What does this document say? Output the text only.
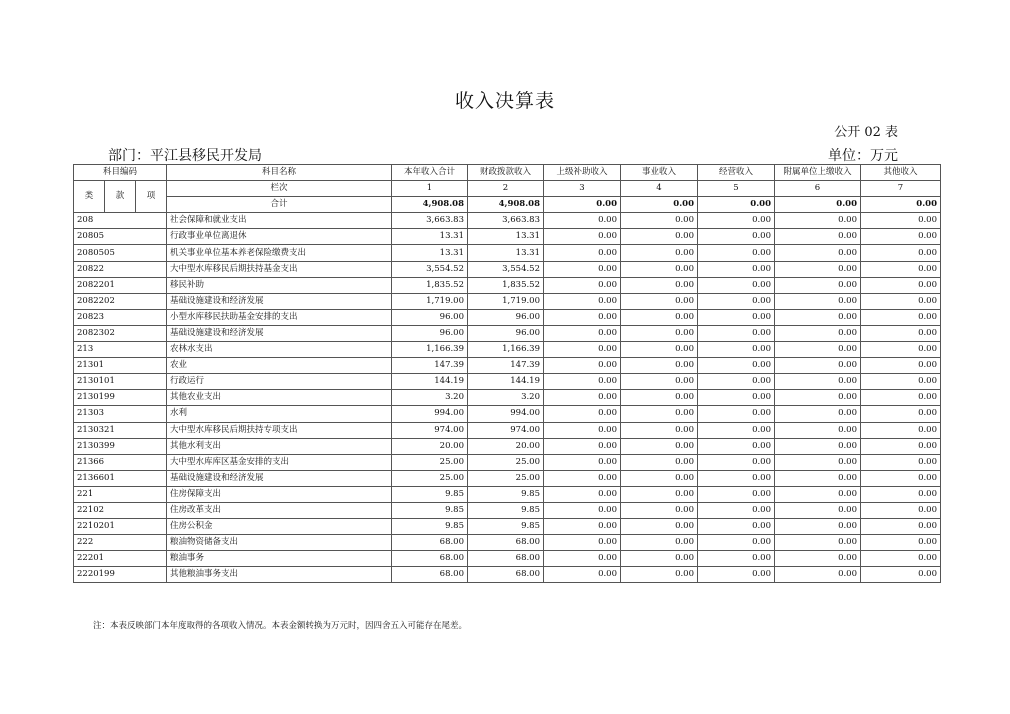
收入决算表
公开 02 表
部门：平江县移民开发局	单位：万元
科目编码			科目名称	本年收入合计	财政拨款收入	上级补助收入	事业收入	经营收入	附属单位上缴收入	其他收入
类	款	项	栏次	1	2	3	4	5	6	7
			合计	4,908.08	4,908.08	0.00	0.00	0.00	0.00	0.00
208			社会保障和就业支出	3,663.83	3,663.83	0.00	0.00	0.00	0.00	0.00
20805			行政事业单位离退休	13.31	13.31	0.00	0.00	0.00	0.00	0.00
2080505			机关事业单位基本养老保险缴费支出	13.31	13.31	0.00	0.00	0.00	0.00	0.00
20822			大中型水库移民后期扶持基金支出	3,554.52	3,554.52	0.00	0.00	0.00	0.00	0.00
2082201			移民补助	1,835.52	1,835.52	0.00	0.00	0.00	0.00	0.00
2082202			基础设施建设和经济发展	1,719.00	1,719.00	0.00	0.00	0.00	0.00	0.00
20823			小型水库移民扶助基金安排的支出	96.00	96.00	0.00	0.00	0.00	0.00	0.00
2082302			基础设施建设和经济发展	96.00	96.00	0.00	0.00	0.00	0.00	0.00
213			农林水支出	1,166.39	1,166.39	0.00	0.00	0.00	0.00	0.00
21301			农业	147.39	147.39	0.00	0.00	0.00	0.00	0.00
2130101			行政运行	144.19	144.19	0.00	0.00	0.00	0.00	0.00
2130199			其他农业支出	3.20	3.20	0.00	0.00	0.00	0.00	0.00
21303			水利	994.00	994.00	0.00	0.00	0.00	0.00	0.00
2130321			大中型水库移民后期扶持专项支出	974.00	974.00	0.00	0.00	0.00	0.00	0.00
2130399			其他水利支出	20.00	20.00	0.00	0.00	0.00	0.00	0.00
21366			大中型水库库区基金安排的支出	25.00	25.00	0.00	0.00	0.00	0.00	0.00
2136601			基础设施建设和经济发展	25.00	25.00	0.00	0.00	0.00	0.00	0.00
221			住房保障支出	9.85	9.85	0.00	0.00	0.00	0.00	0.00
22102			住房改革支出	9.85	9.85	0.00	0.00	0.00	0.00	0.00
2210201			住房公积金	9.85	9.85	0.00	0.00	0.00	0.00	0.00
222			粮油物资储备支出	68.00	68.00	0.00	0.00	0.00	0.00	0.00
22201			粮油事务	68.00	68.00	0.00	0.00	0.00	0.00	0.00
2220199			其他粮油事务支出	68.00	68.00	0.00	0.00	0.00	0.00	0.00
注：本表反映部门本年度取得的各项收入情况。本表金额转换为万元时，因四舍五入可能存在尾差。
